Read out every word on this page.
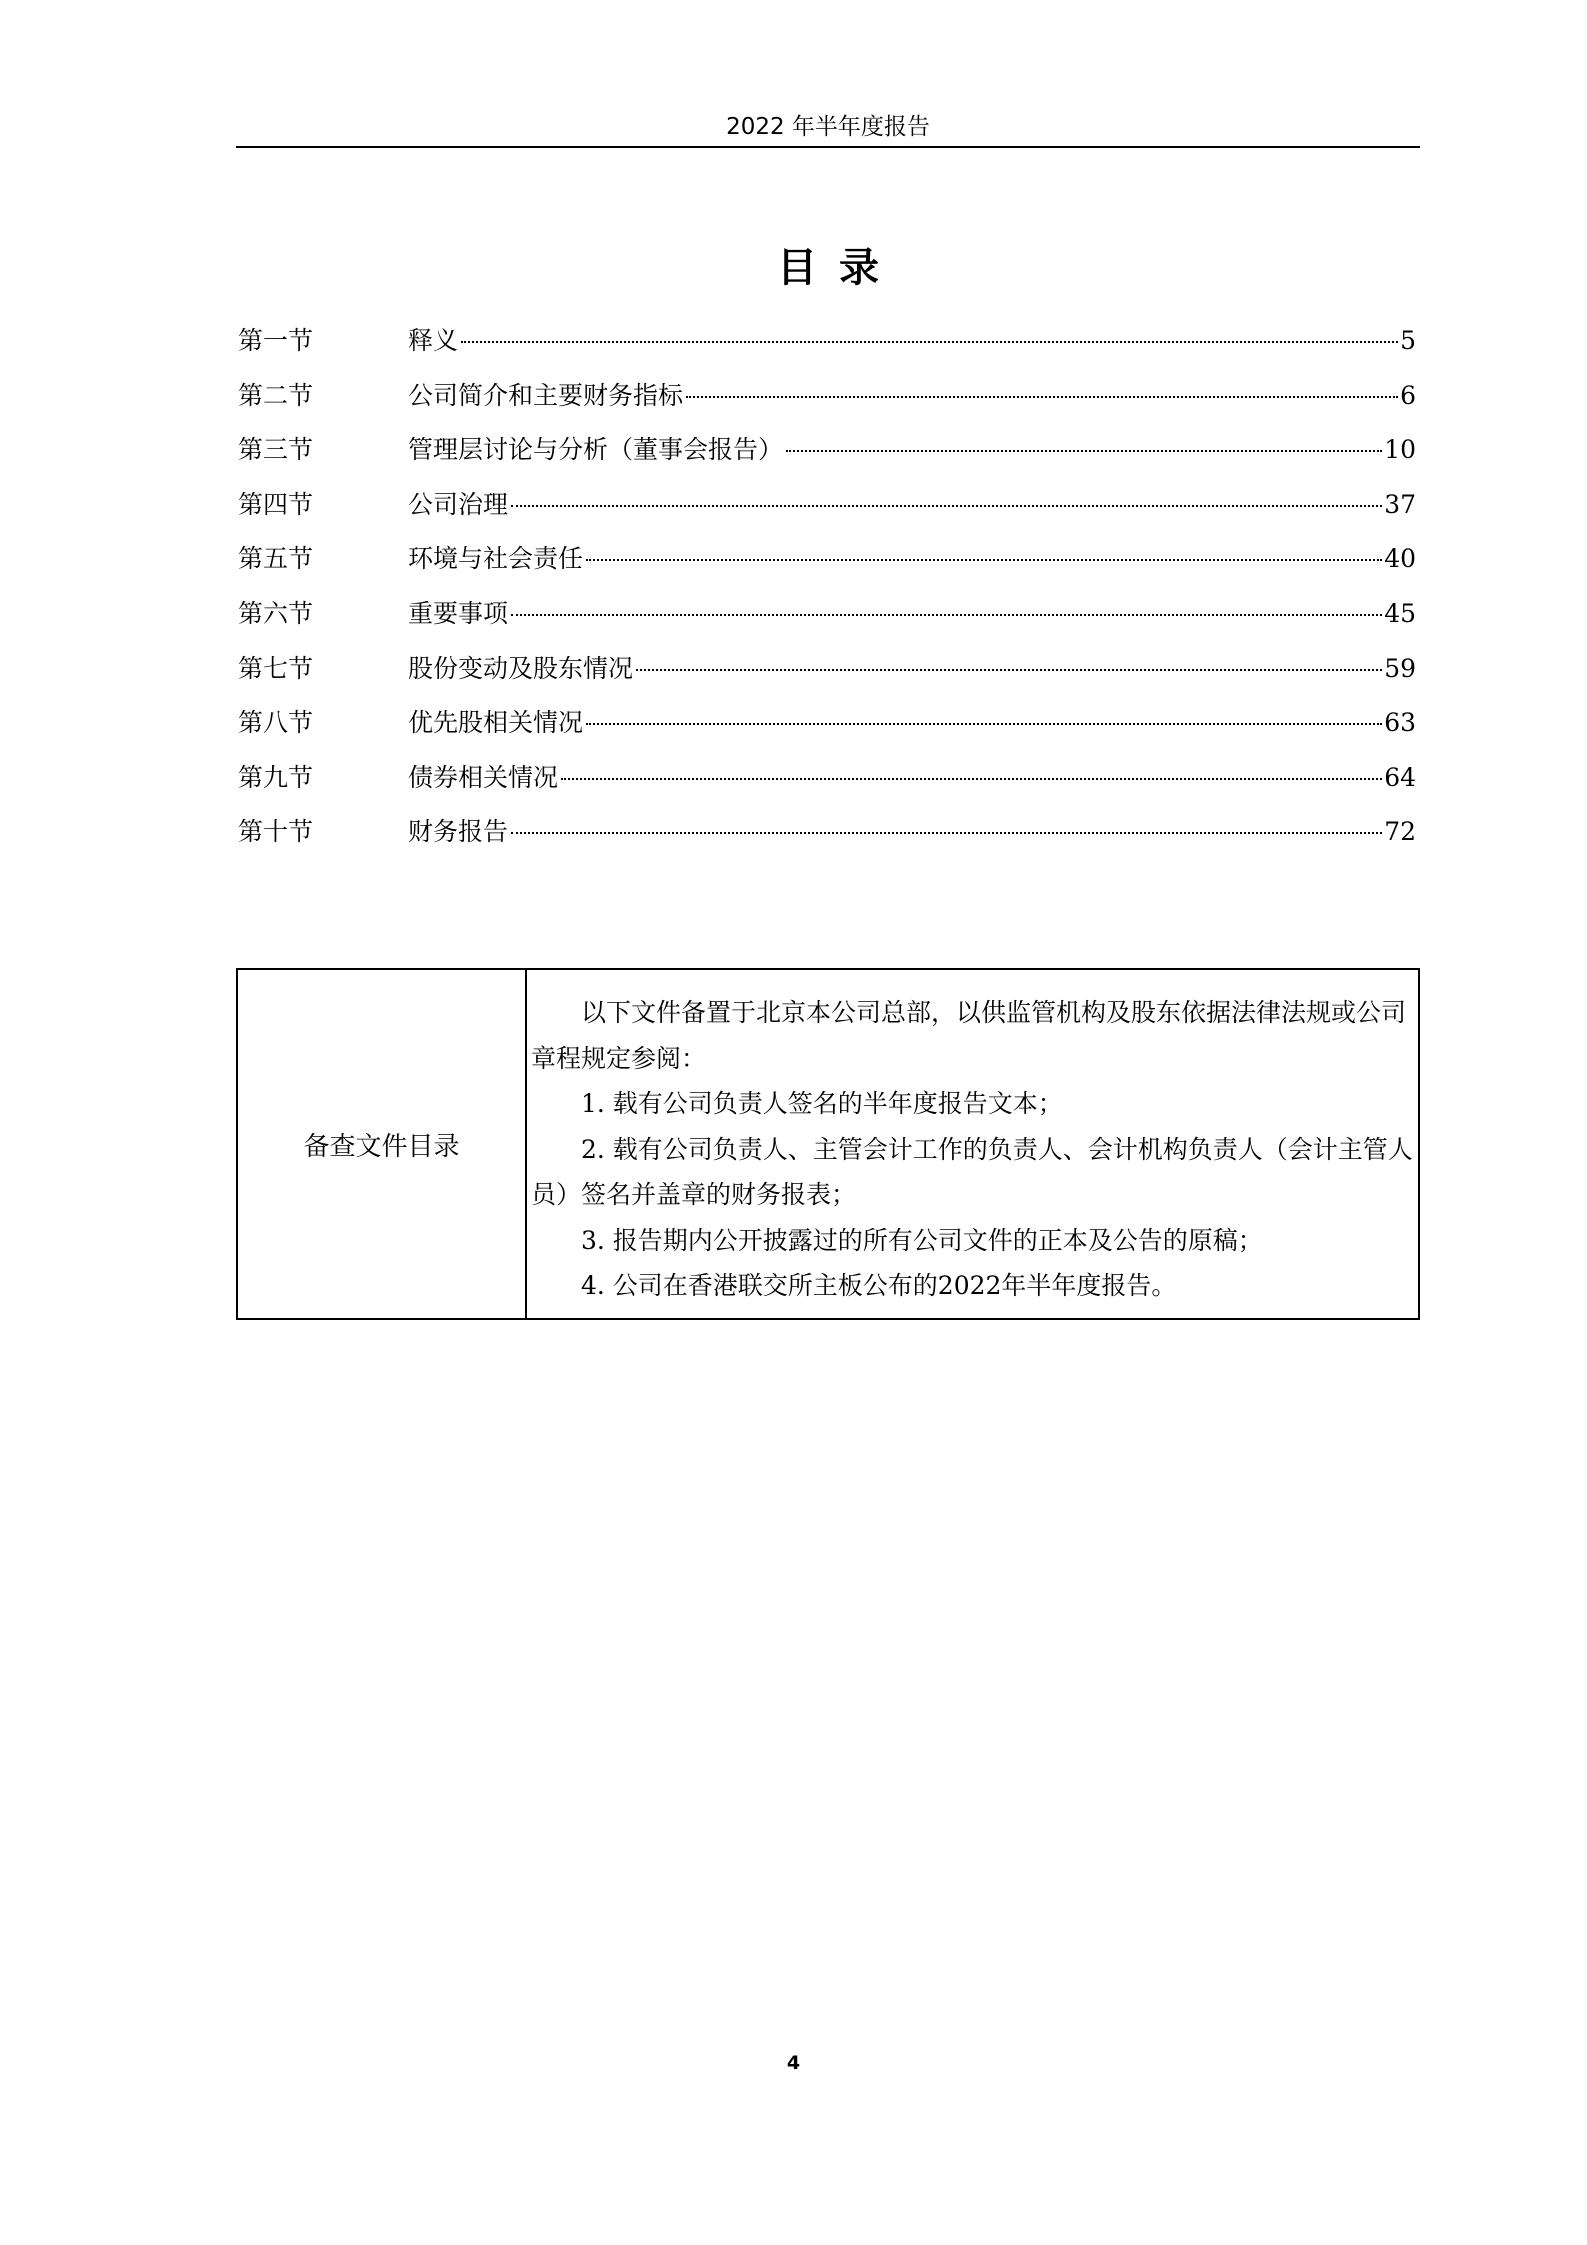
2022 年半年度报告
目录
第一节	释义	5
第二节	公司简介和主要财务指标	6
第三节	管理层讨论与分析（董事会报告）	10
第四节	公司治理	37
第五节	环境与社会责任	40
第六节	重要事项	45
第七节	股份变动及股东情况	59
第八节	优先股相关情况	63
第九节	债券相关情况	64
第十节	财务报告	72
备查文件目录

以下文件备置于北京本公司总部，以供监管机构及股东依据法律法规或公司章程规定参阅：

1. 载有公司负责人签名的半年度报告文本；

2. 载有公司负责人、主管会计工作的负责人、会计机构负责人（会计主管人员）签名并盖章的财务报表；

3. 报告期内公开披露过的所有公司文件的正本及公告的原稿；

4. 公司在香港联交所主板公布的2022年半年度报告。

4
